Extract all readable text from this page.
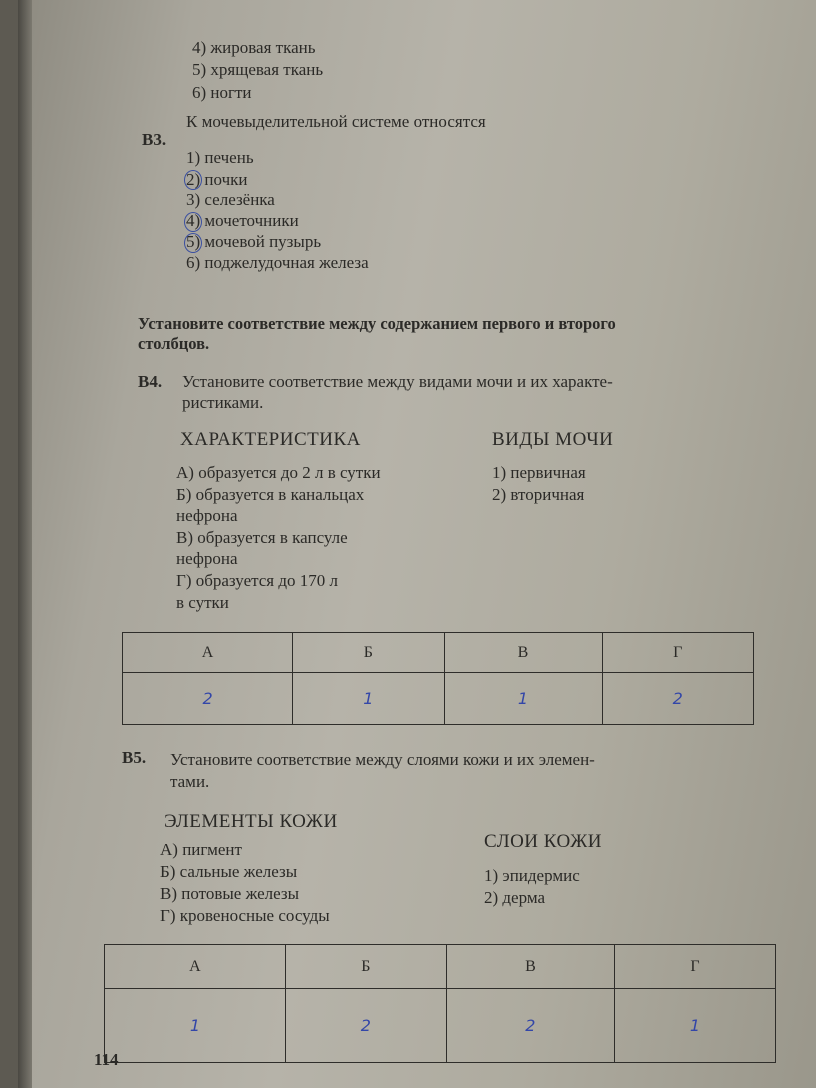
4) жировая ткань
5) хрящевая ткань
6) ногти
В3.
К мочевыделительной системе относятся
1) печень
2) почки
3) селезёнка
4) мочеточники
5) мочевой пузырь
6) поджелудочная железа
Установите соответствие между содержанием первого и второго
столбцов.
В4. Установите соответствие между видами мочи и их характе-
ристиками.
ХАРАКТЕРИСТИКА	ВИДЫ МОЧИ
А) образуется до 2 л в сутки
Б) образуется в канальцах
нефрона
В) образуется в капсуле
нефрона
Г) образуется до 170 л
в сутки
1) первичная
2) вторичная
А	Б	В	Г
2	1	1	2
В5. Установите соответствие между слоями кожи и их элемен-
тами.
ЭЛЕМЕНТЫ КОЖИ
СЛОИ КОЖИ
А) пигмент
Б) сальные железы
В) потовые железы
Г) кровеносные сосуды
1) эпидермис
2) дерма
А	Б	В	Г
1	2	2	1
114
